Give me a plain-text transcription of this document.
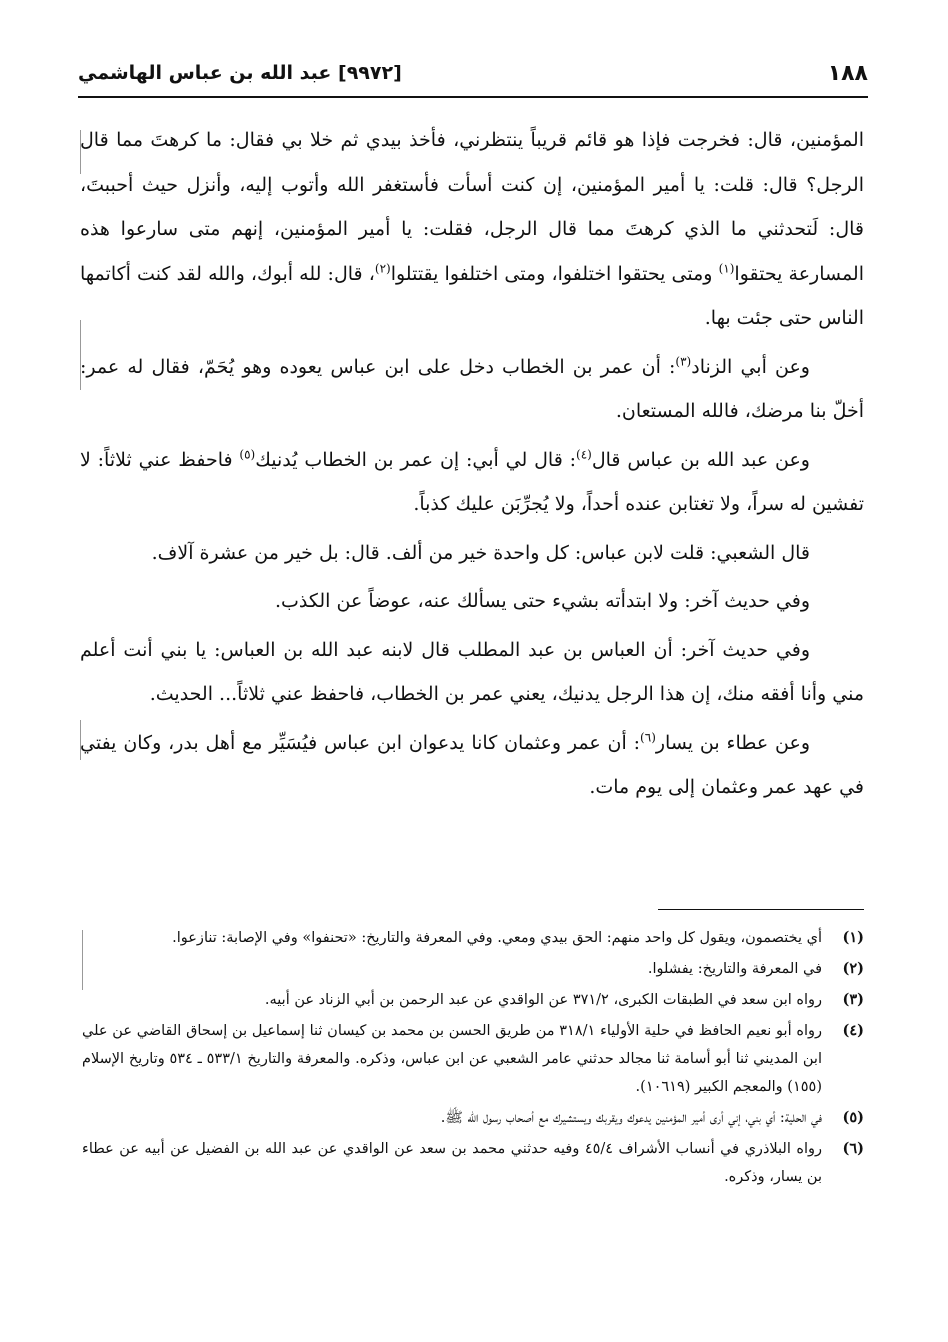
١٨٨
[٩٩٧٢] عبد الله بن عباس الهاشمي

المؤمنين، قال: فخرجت فإذا هو قائم قريباً ينتظرني، فأخذ بيدي ثم خلا بي فقال: ما كرهتَ مما قال الرجل؟ قال: قلت: يا أمير المؤمنين، إن كنت أسأت فأستغفر الله وأتوب إليه، وأنزل حيث أحببتَ، قال: لَتحدثني ما الذي كرهتَ مما قال الرجل، فقلت: يا أمير المؤمنين، إنهم متى سارعوا هذه المسارعة يحتقوا$^{(١)}$ ومتى يحتقوا اختلفوا، ومتى اختلفوا يقتتلوا$^{(٢)}$، قال: لله أبوك، والله لقد كنت أكاتمها الناس حتى جئت بها.

وعن أبي الزناد$^{(٣)}$: أن عمر بن الخطاب دخل على ابن عباس يعوده وهو يُحَمّ، فقال له عمر: أخلّ بنا مرضك، فالله المستعان.

وعن عبد الله بن عباس قال$^{(٤)}$: قال لي أبي: إن عمر بن الخطاب يُدنيك$^{(٥)}$ فاحفظ عني ثلاثاً: لا تفشين له سراً، ولا تغتابن عنده أحداً، ولا يُجرِّبَن عليك كذباً.

قال الشعبي: قلت لابن عباس: كل واحدة خير من ألف. قال: بل خير من عشرة آلاف.

وفي حديث آخر: ولا ابتدأته بشيء حتى يسألك عنه، عوضاً عن الكذب.

وفي حديث آخر: أن العباس بن عبد المطلب قال لابنه عبد الله بن العباس: يا بني أنت أعلم مني وأنا أفقه منك، إن هذا الرجل يدنيك، يعني عمر بن الخطاب، فاحفظ عني ثلاثاً... الحديث.

وعن عطاء بن يسار$^{(٦)}$: أن عمر وعثمان كانا يدعوان ابن عباس فيُسَيِّر مع أهل بدر، وكان يفتي في عهد عمر وعثمان إلى يوم مات.

(١)
أي يختصمون، ويقول كل واحد منهم: الحق بيدي ومعي. وفي المعرفة والتاريخ: «تحنفوا» وفي الإصابة: تنازعوا.
(٢)
في المعرفة والتاريخ: يفشلوا.
(٣)
رواه ابن سعد في الطبقات الكبرى، ٣٧١/٢ عن الواقدي عن عبد الرحمن بن أبي الزناد عن أبيه.
(٤)
رواه أبو نعيم الحافظ في حلية الأولياء ٣١٨/١ من طريق الحسن بن محمد بن كيسان ثنا إسماعيل بن إسحاق القاضي عن علي ابن المديني ثنا أبو أسامة ثنا مجالد حدثني عامر الشعبي عن ابن عباس، وذكره. والمعرفة والتاريخ ٥٣٣/١ ـ ٥٣٤ وتاريخ الإسلام (١٥٥) والمعجم الكبير (١٠٦١٩).
(٥)
في الحلية: أي بني، إني أرى أمير المؤمنين يدعوك ويقربك ويستشيرك مع أصحاب رسول الله ﷺ.
(٦)
رواه البلاذري في أنساب الأشراف ٤٥/٤ وفيه حدثني محمد بن سعد عن الواقدي عن عبد الله بن الفضيل عن أبيه عن عطاء بن يسار، وذكره.
